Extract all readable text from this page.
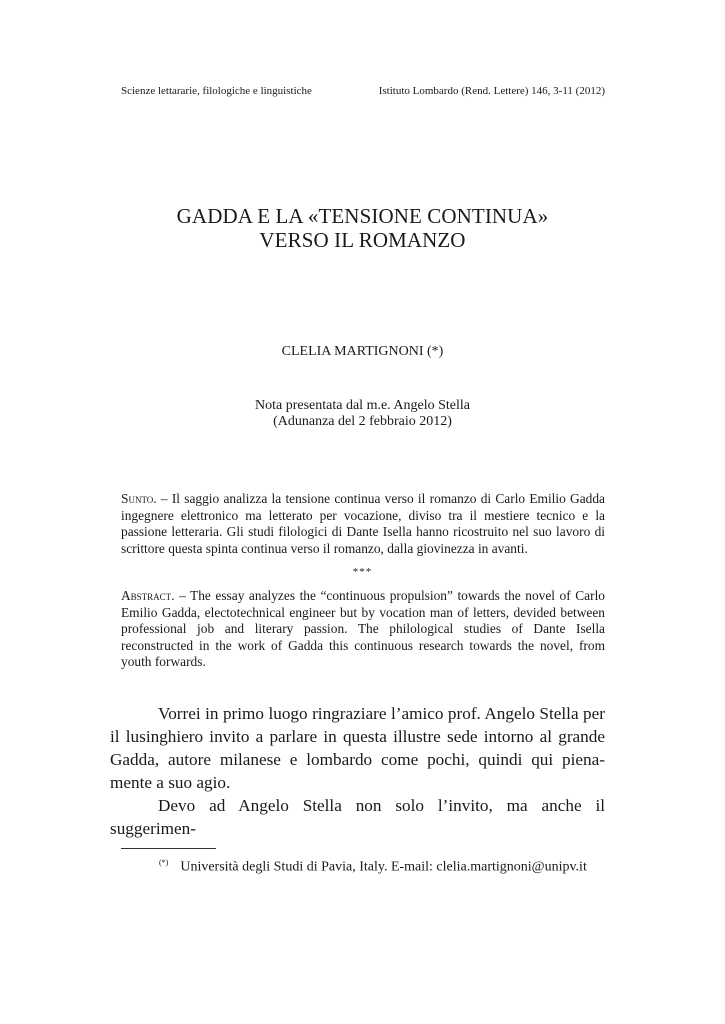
Scienze lettararie, filologiche e linguistiche	Istituto Lombardo (Rend. Lettere) 146, 3-11 (2012)
GADDA E LA «TENSIONE CONTINUA»
VERSO IL ROMANZO
CLELIA MARTIGNONI (*)
Nota presentata dal m.e. Angelo Stella
(Adunanza del 2 febbraio 2012)
Sunto. – Il saggio analizza la tensione continua verso il romanzo di Carlo Emilio Gadda ingegnere elettronico ma letterato per vocazione, diviso tra il mestiere tecnico e la passione letteraria. Gli studi filologici di Dante Isella hanno ricostruito nel suo lavoro di scrittore questa spinta continua verso il romanzo, dalla giovinezza in avanti.
***
Abstract. – The essay analyzes the “continuous propulsion” towards the novel of Carlo Emilio Gadda, electotechnical engineer but by vocation man of letters, devided between professional job and literary passion. The philological studies of Dante Isella reconstructed in the work of Gadda this continuous research towards the novel, from youth forwards.

Vorrei in primo luogo ringraziare l’amico prof. Angelo Stella per il lusinghiero invito a parlare in questa illustre sede intorno al grande Gadda, autore milanese e lombardo come pochi, quindi qui piena-mente a suo agio.

Devo ad Angelo Stella non solo l’invito, ma anche il suggerimen-

(*) Università degli Studi di Pavia, Italy. E-mail: clelia.martignoni@unipv.it
